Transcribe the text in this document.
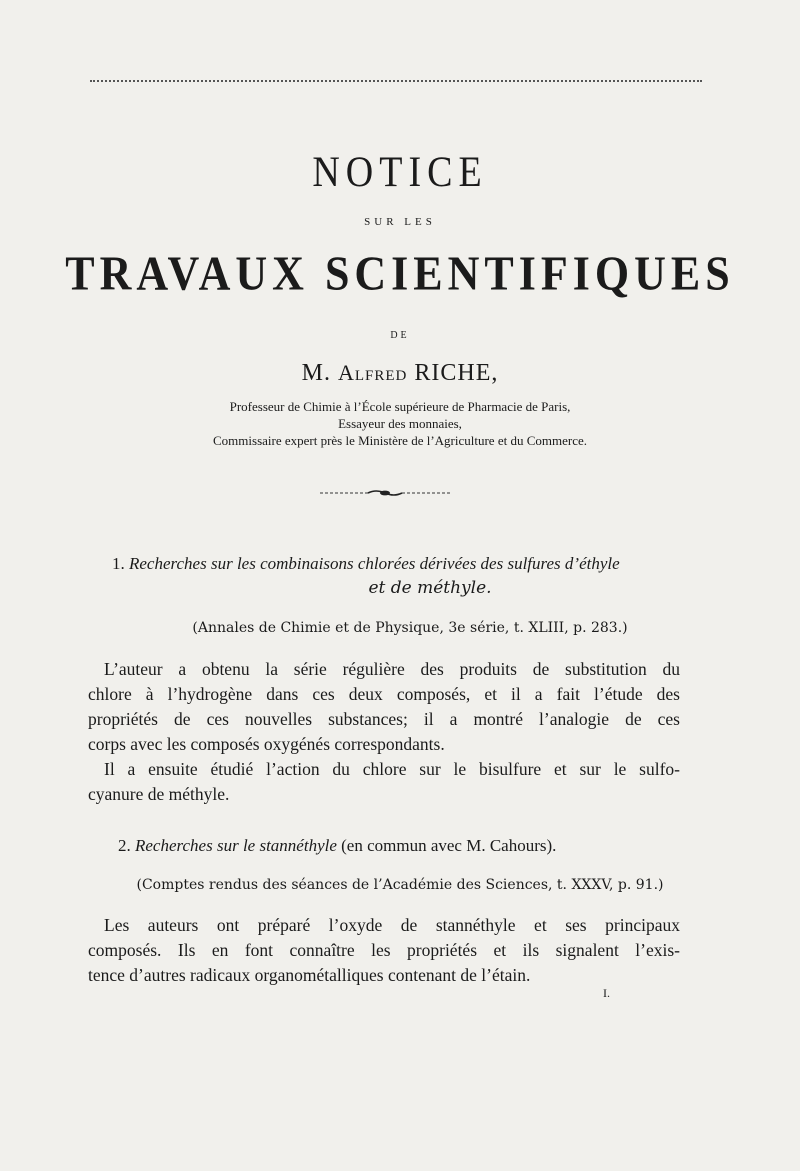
NOTICE
SUR LES
TRAVAUX SCIENTIFIQUES
DE
M. Alfred RICHE,
Professeur de Chimie à l’École supérieure de Pharmacie de Paris,
Essayeur des monnaies,
Commissaire expert près le Ministère de l’Agriculture et du Commerce.
1. Recherches sur les combinaisons chlorées dérivées des sulfures d’éthyle
et de méthyle.
(Annales de Chimie et de Physique, 3e série, t. XLIII, p. 283.)
L’auteur a obtenu la série régulière des produits de substitution du
chlore à l’hydrogène dans ces deux composés, et il a fait l’étude des
propriétés de ces nouvelles substances; il a montré l’analogie de ces
corps avec les composés oxygénés correspondants.
Il a ensuite étudié l’action du chlore sur le bisulfure et sur le sulfo-
cyanure de méthyle.
2. Recherches sur le stannéthyle (en commun avec M. Cahours).
(Comptes rendus des séances de l’Académie des Sciences, t. XXXV, p. 91.)
Les auteurs ont préparé l’oxyde de stannéthyle et ses principaux
composés. Ils en font connaître les propriétés et ils signalent l’exis-
tence d’autres radicaux organométalliques contenant de l’étain.
I.
